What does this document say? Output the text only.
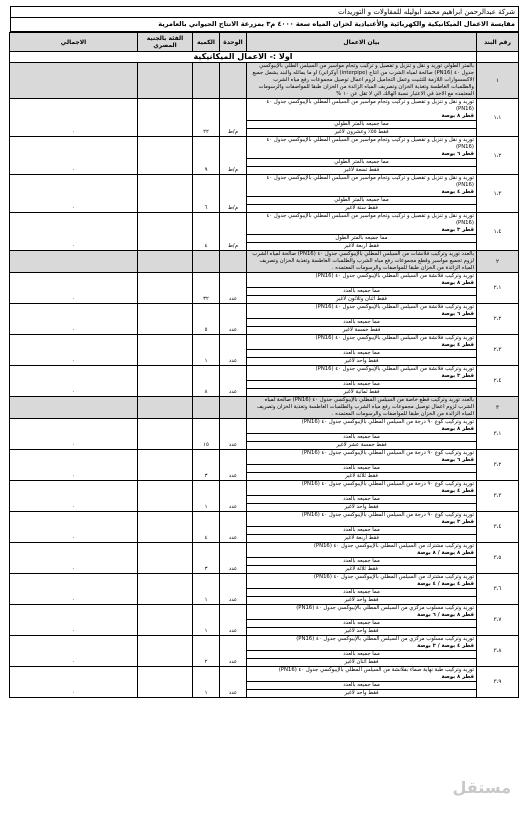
شركة عبدالرحمن ابراهيم محمد ابوليله للمقاولات و التوريدات
مقايسة الاعمال الميكانيكية والكهربائية والأعتيادية لخزان المياه سعة ٤٠٠٠ م٣ بمزرعة الانتاج الحيواني بالعامرية
رقم البند	بيان الاعمال	الوحدة	الكمية	الفئة بالجنية المصري	الاجمالي
	اولا :- الاعمال الميكانيكية				
١	بالمتر الطولي توريد و نقل و تنزيل و تفصيل و تركيب وتجام مواسير من السيلس الطلي بالإيبوكسي جدول ٤٠ (PN16) صالحة لمياه الشرب من انتاج (interpipe) أوكراني) او ما يماثله والبند يشمل جميع الاكسسوارات اللازمة للتثبيت وعمل التحاميل لزوم اعمال توصيل مجموعات رفع مياه الشرب والطلمبات الغاطسة وتغذية الخزان وتصريف المياه الزائدة من الخزان طبقا للمواصفات والرسومات المعتمده مع الاخذ في الاعتبار نسبة الهالك الي لا تقل عن ١٠ %				

١،١	توريد و نقل و تنزيل و تفصيل و تركيب وتجام مواسير من السيلس المطلي بالإيبوكسي جدول ٤٠ (PN16)
قطر ٨ بوصة
مما جميعه بالمتر الطولي
فقط ٥٥٪ وعشرون لاغير	م/ط	٢٢		٠
١،٢	توريد و نقل و تنزيل و تفصيل و تركيب وتجام مواسير من السيلس المطلي بالإيبوكسي جدول ٤٠ (PN16)
قطر ٦ بوصة
مما جميعه بالمتر الطولي
فقط تسعة لاغير	م/ط	٩		٠
١،٣	توريد و نقل و تنزيل و تفصيل و تركيب وتجام مواسير من السيلس المطلي بالإيبوكسي جدول ٤٠ (PN16)
قطر ٤ بوصة
مما جميعه بالمتر الطولي
فقط ستة لاغير	م/ط	٦		٠
١،٤	توريد و نقل و تنزيل و تفصيل و تركيب وتجام مواسير من السيلس المطلي بالإيبوكسي جدول ٤٠ (PN16)
قطر ٣ بوصة
مما جميعه بالمتر الطول
فقط أربعة لاغير	م/ط	٤		٠
٢	بالعدد توريد وتركيب فلانشات من السيلس المطلي بالإيبوكسي جدول ٤٠ (PN16) صالحة لمياه الشرب لزوم تجميع مواسير وقطع مجموعات رفع مياه الشرب والطلمبات الغاطسة وتغذية الخزان وتصريف المياه الزائدة من الخزان طبقا للمواصفات والرسومات المعتمده .				

٢،١	توريد وتركيب فلانشة من السيلس المطلي بالإيبوكسي جدول ٤٠ (PN16)
قطر ٨ بوصة
مما جميعه بالعدد
فقط اثنان وثلاثون لاغير	عدد	٣٢		٠
٢،٢	توريد وتركيب فلانشة من السيلس المطلي بالإيبوكسي جدول ٤٠ (PN16)
قطر ٦ بوصة
مما جميعه بالعدد
فقط خمسة لاغير	عدد	٥		٠
٢،٣	توريد وتركيب فلانشة من السيلس المطلي بالإيبوكسي جدول ٤٠ (PN16)
قطر ٤ بوصة
مما جميعه بالعدد
فقط واحد لاغير	عدد	١		٠
٢،٤	توريد وتركيب فلانشة من السيلس المطلي بالإيبوكسي جدول ٤٠ (PN16)
قطر ٣ بوصة
مما جميعه بالعدد
فقط ثمانية لاغير	عدد	٨		٠
٣	بالعدد توريد وتركيب قطع خاصة من السيلس المطلي بالإيبوكسي جدول ٤٠ (PN16) صالحة لمياه الشرب لزوم اعمال توصيل مجموعات رفع مياه الشرب والطلمبات الغاطسة وتغذية الخزان وتصريف المياه الزائدة من الخزان طبقا للمواصفات والرسومات المعتمده .				

٣،١	توريد وتركيب كوع ٩٠ درجة من السيلس المطلي بالإيبوكسي جدول ٤٠ (PN16)
قطر ٨ بوصة
مما جميعه بالعدد
فقط خمسة عشر لاغير	عدد	١٥		٠
٣،٢	توريد وتركيب كوع ٩٠ درجة من السيلس المطلي بالإيبوكسي جدول ٤٠ (PN16)
قطر ٦ بوصة
مما جميعه بالعدد
فقط ثلاثة لاغير	عدد	٣		٠
٣،٣	توريد وتركيب كوع ٩٠ درجة من السيلس المطلي بالإيبوكسي جدول ٤٠ (PN16)
قطر ٤ بوصة
مما جميعه بالعدد
فقط واحد لاغير	عدد	١		٠
٣،٤	توريد وتركيب كوع ٩٠ درجة من السيلس المطلي بالإيبوكسي جدول ٤٠ (PN16)
قطر ٣ بوصة
مما جميعه بالعدد
فقط أربعة لاغير	عدد	٤		٠
٣،٥	توريد وتركيب مشترك من السيلس المطلي بالإيبوكسي جدول ٤٠ (PN16)
قطر ٨ بوصة / ٨ بوصة
مما جميعه بالعدد
فقط ثلاثة لاغير	عدد	٣		٠
٣،٦	توريد وتركيب مشترك من السيلس المطلي بالإيبوكسي جدول ٤٠ (PN16)
قطر ٤ بوصة / ٤ بوصة
مما جميعه بالعدد
فقط واحد لاغير	عدد	١		٠
٣،٧	توريد وتركيب مسلوب مركزي من السيلس المطلي بالإيبوكسي جدول ٤٠ (PN16)
قطر ٨ بوصة / ٦ بوصة
مما جميعه بالعدد
فقط واحد لاغير	عدد	١		٠
٣،٨	توريد وتركيب مسلوب مركزي من السيلس المطلي بالإيبوكسي جدول ٤٠ (PN16)
قطر ٤ بوصة / ٣ بوصة
مما جميعه بالعدد
فقط اثنان لاغير	عدد	٢		٠
٣،٩	توريد وتركيب طبة نهاية صماء بفلانشة من السيلس المطلي بالإيبوكسي جدول ٤٠ (PN16)
قطر ٨ بوصة
مما جميعه بالعدد
فقط واحد لاغير	عدد	١		٠
مستقل
